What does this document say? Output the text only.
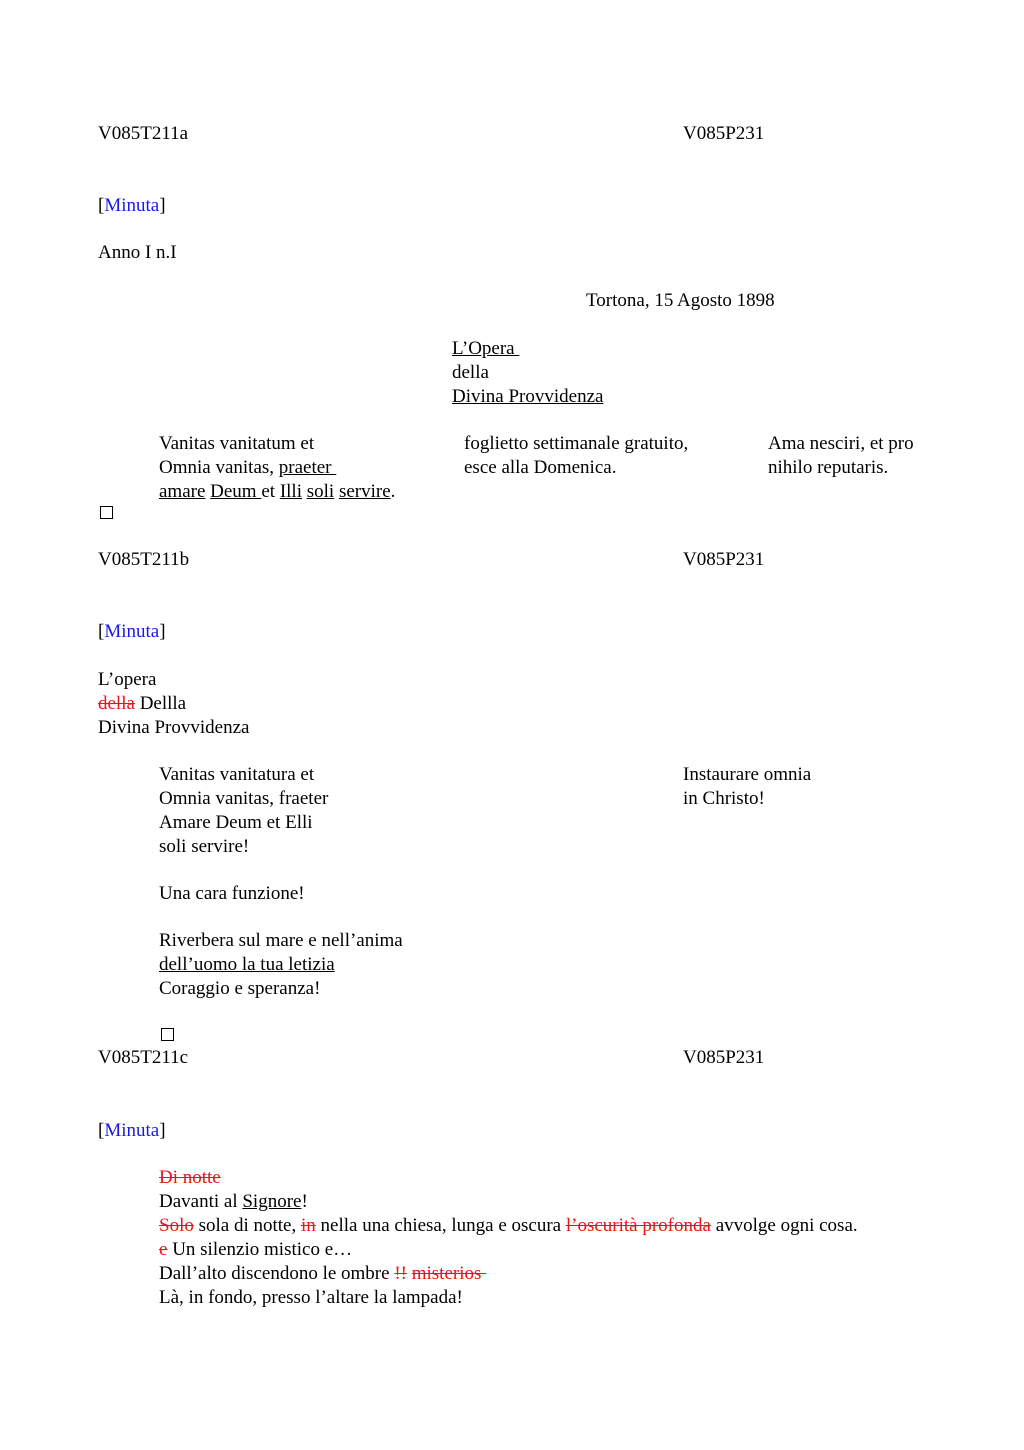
V085T211a	V085P231
[Minuta]
Anno I n.I
Tortona, 15 Agosto 1898
L’Opera
della
Divina Provvidenza
Vanitas vanitatum et
Omnia vanitas, praeter
amare Deum et Illi soli servire.
foglietto settimanale gratuito,
esce alla Domenica.
Ama nesciri, et pro
nihilo reputaris.
V085T211b	V085P231
[Minuta]
L’opera
della Dellla
Divina Provvidenza
Vanitas vanitatura et
Omnia vanitas, fraeter
Amare Deum et Elli
soli servire!
Instaurare omnia
in Christo!
Una cara funzione!
Riverbera sul mare e nell’anima
dell’uomo la tua letizia
Coraggio e speranza!
V085T211c	V085P231
[Minuta]
Di notte
Davanti al Signore!
Solo sola di notte, in nella una chiesa, lunga e oscura l’oscurità profonda avvolge ogni cosa.
e Un silenzio mistico e…
Dall’alto discendono le ombre !! misterios
Là, in fondo, presso l’altare la lampada!
